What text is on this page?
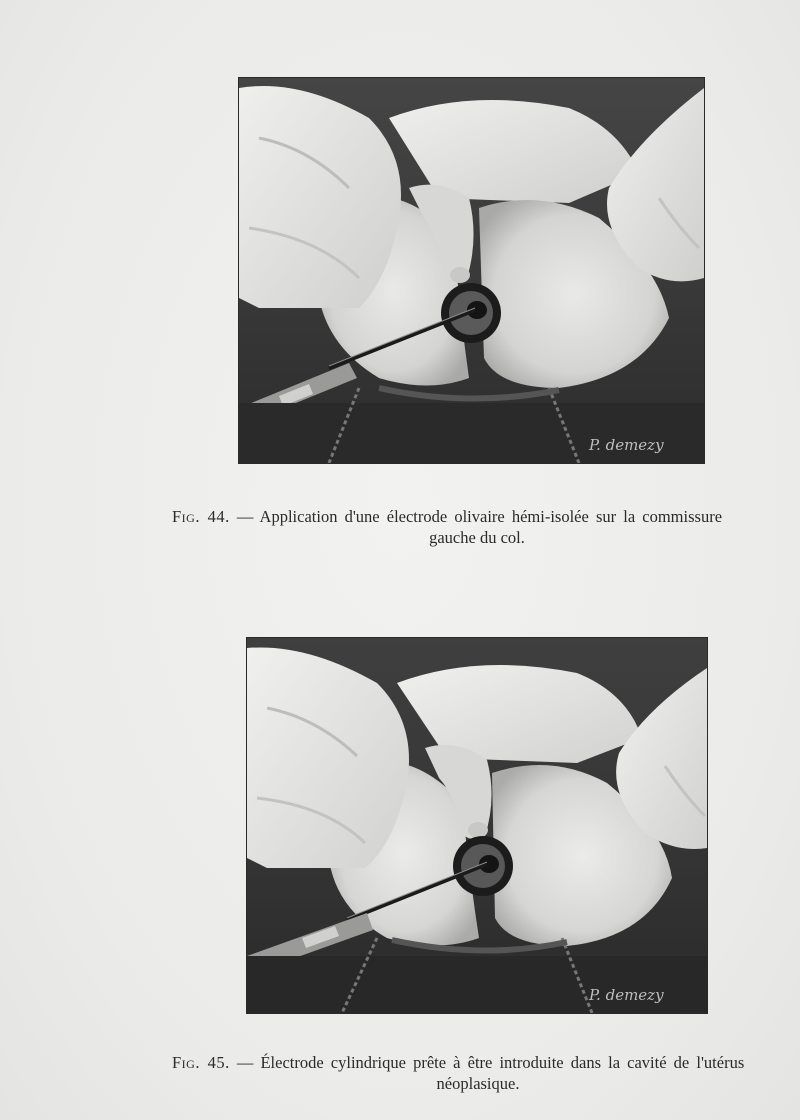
P. demezy
Fig. 44. — Application d'une électrode olivaire hémi-isolée sur la commissure
gauche du col.
P. demezy
Fig. 45. — Électrode cylindrique prête à être introduite dans la cavité de l'utérus
néoplasique.
